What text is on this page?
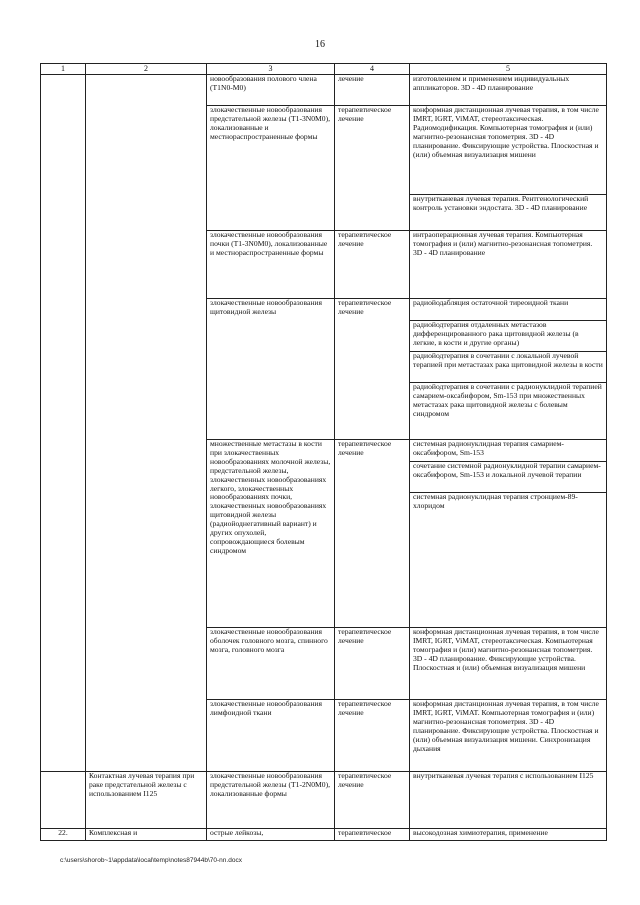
16
1	2	3	4	5
		новообразования полового члена (T1N0-M0)	лечение	изготовлением и применением индивидуальных аппликаторов. 3D - 4D планирование
		злокачественные новообразования предстательной железы (T1-3N0M0), локализованные и местнораспространенные формы	терапевтическое лечение	конформная дистанционная лучевая терапия, в том числе IMRT, IGRT, ViMAT, стереотаксическая. Радиомодификация. Компьютерная томография и (или) магнитно-резонансная топометрия. 3D - 4D планирование. Фиксирующие устройства. Плоскостная и (или) объемная визуализация мишени
				внутритканевая лучевая терапия. Рентгенологический контроль установки эндостата. 3D - 4D планирование
		злокачественные новообразования почки (T1-3N0M0), локализованные и местнораспространенные формы	терапевтическое лечение	интраоперационная лучевая терапия. Компьютерная томография и (или) магнитно-резонансная топометрия. 3D - 4D планирование
		злокачественные новообразования щитовидной железы	терапевтическое лечение	радиойодабляция остаточной тиреоидной ткани
				радиойодтерапия отдаленных метастазов дифференцированного рака щитовидной железы (в легкие, в кости и другие органы)
				радиойодтерапия в сочетании с локальной лучевой терапией при метастазах рака щитовидной железы в кости
				радиойодтерапия в сочетании с радионуклидной терапией самарием-оксабифором, Sm-153 при множественных метастазах рака щитовидной железы с болевым синдромом
		множественные метастазы в кости при злокачественных новообразованиях молочной железы, предстательной железы, злокачественных новообразованиях легкого, злокачественных новообразованиях почки, злокачественных новообразованиях щитовидной железы (радиойоднегативный вариант) и других опухолей, сопровождающиеся болевым синдромом	терапевтическое лечение	системная радионуклидная терапия самарием-оксабифором, Sm-153
				сочетание системной радионуклидной терапии самарием-оксабифором, Sm-153 и локальной лучевой терапии
				системная радионуклидная терапия стронцием-89-хлоридом
		злокачественные новообразования оболочек головного мозга, спинного мозга, головного мозга	терапевтическое лечение	конформная дистанционная лучевая терапия, в том числе IMRT, IGRT, ViMAT, стереотаксическая. Компьютерная томография и (или) магнитно-резонансная топометрия. 3D - 4D планирование. Фиксирующие устройства. Плоскостная и (или) объемная визуализация мишени
		злокачественные новообразования лимфоидной ткани	терапевтическое лечение	конформная дистанционная лучевая терапия, в том числе IMRT, IGRT, ViMAT. Компьютерная томография и (или) магнитно-резонансная топометрия. 3D - 4D планирование. Фиксирующие устройства. Плоскостная и (или) объемная визуализация мишени. Синхронизация дыхания
	Контактная лучевая терапия при раке предстательной железы с использованием I125	злокачественные новообразования предстательной железы (T1-2N0M0), локализованные формы	терапевтическое лечение	внутритканевая лучевая терапия с использованием I125
22.	Комплексная и	острые лейкозы,	терапевтическое	высокодозная химиотерапия, применение
c:\users\shorob~1\appdata\local\temp\notes87944b\70-nn.docx
